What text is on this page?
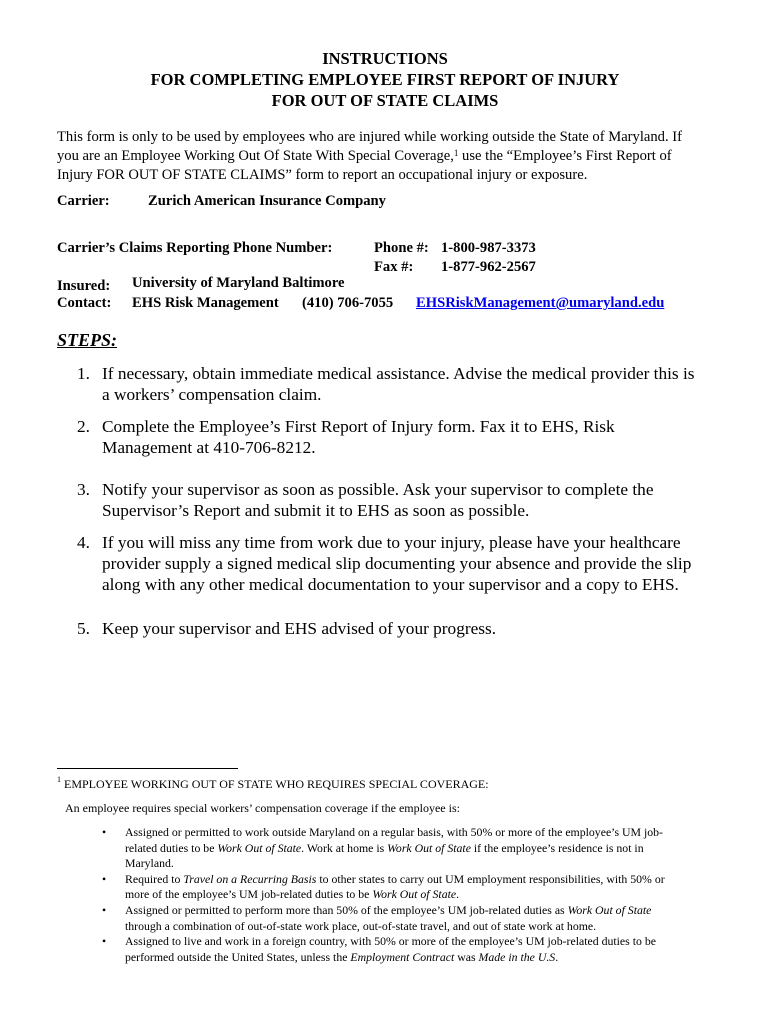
INSTRUCTIONS
FOR COMPLETING EMPLOYEE FIRST REPORT OF INJURY
FOR OUT OF STATE CLAIMS
This form is only to be used by employees who are injured while working outside the State of Maryland. If
you are an Employee Working Out Of State With Special Coverage,$^1$ use the “Employee’s First Report of
Injury FOR OUT OF STATE CLAIMS” form to report an occupational injury or exposure.
Carrier:	Zurich American Insurance Company
Carrier’s Claims Reporting Phone Number:	Phone #: 1-800-987-3373
Fax #: 1-877-962-2567
Insured: University of Maryland Baltimore
Contact: EHS Risk Management (410) 706-7055 EHSRiskManagement@umaryland.edu
STEPS:
1. If necessary, obtain immediate medical assistance. Advise the medical provider this is
a workers’ compensation claim.
2. Complete the Employee’s First Report of Injury form. Fax it to EHS, Risk
Management at 410-706-8212.
3. Notify your supervisor as soon as possible. Ask your supervisor to complete the
Supervisor’s Report and submit it to EHS as soon as possible.
4. If you will miss any time from work due to your injury, please have your healthcare
provider supply a signed medical slip documenting your absence and provide the slip
along with any other medical documentation to your supervisor and a copy to EHS.
5. Keep your supervisor and EHS advised of your progress.
$^1$ EMPLOYEE WORKING OUT OF STATE WHO REQUIRES SPECIAL COVERAGE:
An employee requires special workers’ compensation coverage if the employee is:
• Assigned or permitted to work outside Maryland on a regular basis, with 50% or more of the employee’s UM job-
related duties to be Work Out of State. Work at home is Work Out of State if the employee’s residence is not in
Maryland.
• Required to Travel on a Recurring Basis to other states to carry out UM employment responsibilities, with 50% or
more of the employee’s UM job-related duties to be Work Out of State.
• Assigned or permitted to perform more than 50% of the employee’s UM job-related duties as Work Out of State
through a combination of out-of-state work place, out-of-state travel, and out of state work at home.
• Assigned to live and work in a foreign country, with 50% or more of the employee’s UM job-related duties to be
performed outside the United States, unless the Employment Contract was Made in the U.S.
